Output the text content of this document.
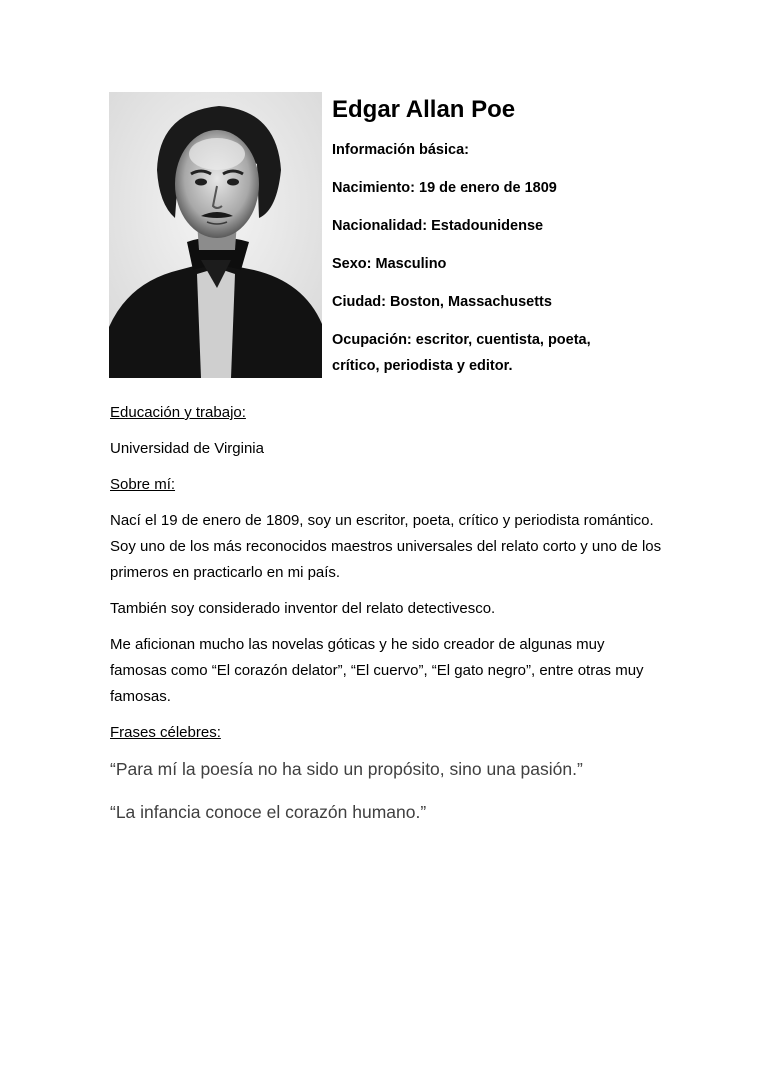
Edgar Allan Poe
Información básica:
Nacimiento: 19 de enero de 1809
Nacionalidad: Estadounidense
Sexo: Masculino
Ciudad: Boston, Massachusetts
Ocupación: escritor, cuentista, poeta, crítico, periodista y editor.
Educación y trabajo:
Universidad de Virginia
Sobre mí:
Nací el 19 de enero de 1809, soy un escritor, poeta, crítico y periodista romántico. Soy uno de los más reconocidos maestros universales del relato corto y uno de los primeros en practicarlo en mi país.
También soy considerado inventor del relato detectivesco.
Me aficionan mucho las novelas góticas y he sido creador de algunas muy famosas como “El corazón delator”, “El cuervo”, “El gato negro”, entre otras muy famosas.
Frases célebres:
“Para mí la poesía no ha sido un propósito, sino una pasión.”
“La infancia conoce el corazón humano.”
